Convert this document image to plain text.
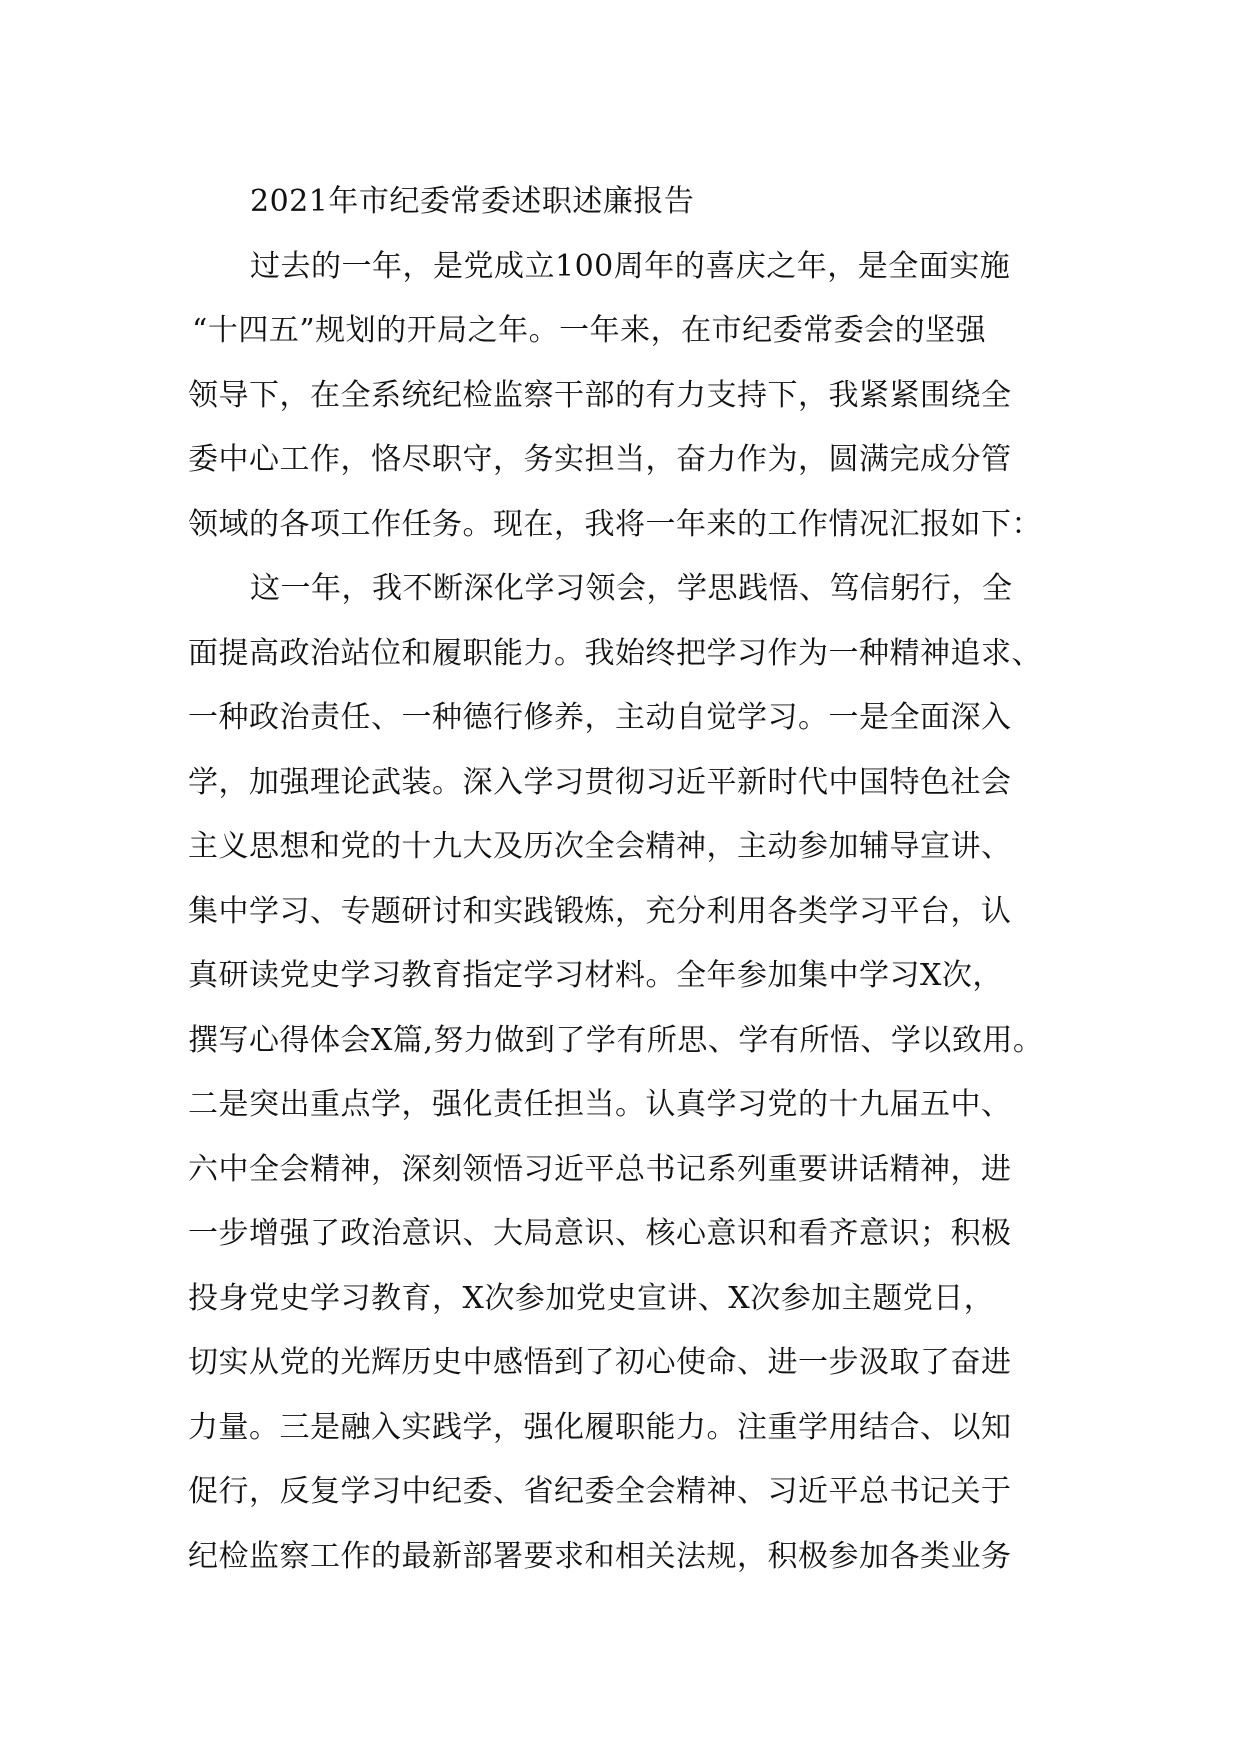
2021年市纪委常委述职述廉报告
过去的一年，是党成立100周年的喜庆之年，是全面实施
“十四五”规划的开局之年。一年来，在市纪委常委会的坚强
领导下，在全系统纪检监察干部的有力支持下，我紧紧围绕全
委中心工作，恪尽职守，务实担当，奋力作为，圆满完成分管
领域的各项工作任务。现在，我将一年来的工作情况汇报如下：
这一年，我不断深化学习领会，学思践悟、笃信躬行，全
面提高政治站位和履职能力。我始终把学习作为一种精神追求、
一种政治责任、一种德行修养，主动自觉学习。一是全面深入
学，加强理论武装。深入学习贯彻习近平新时代中国特色社会
主义思想和党的十九大及历次全会精神，主动参加辅导宣讲、
集中学习、专题研讨和实践锻炼，充分利用各类学习平台，认
真研读党史学习教育指定学习材料。全年参加集中学习X次，
撰写心得体会X篇,努力做到了学有所思、学有所悟、学以致用。
二是突出重点学，强化责任担当。认真学习党的十九届五中、
六中全会精神，深刻领悟习近平总书记系列重要讲话精神，进
一步增强了政治意识、大局意识、核心意识和看齐意识；积极
投身党史学习教育，X次参加党史宣讲、X次参加主题党日，
切实从党的光辉历史中感悟到了初心使命、进一步汲取了奋进
力量。三是融入实践学，强化履职能力。注重学用结合、以知
促行，反复学习中纪委、省纪委全会精神、习近平总书记关于
纪检监察工作的最新部署要求和相关法规，积极参加各类业务
